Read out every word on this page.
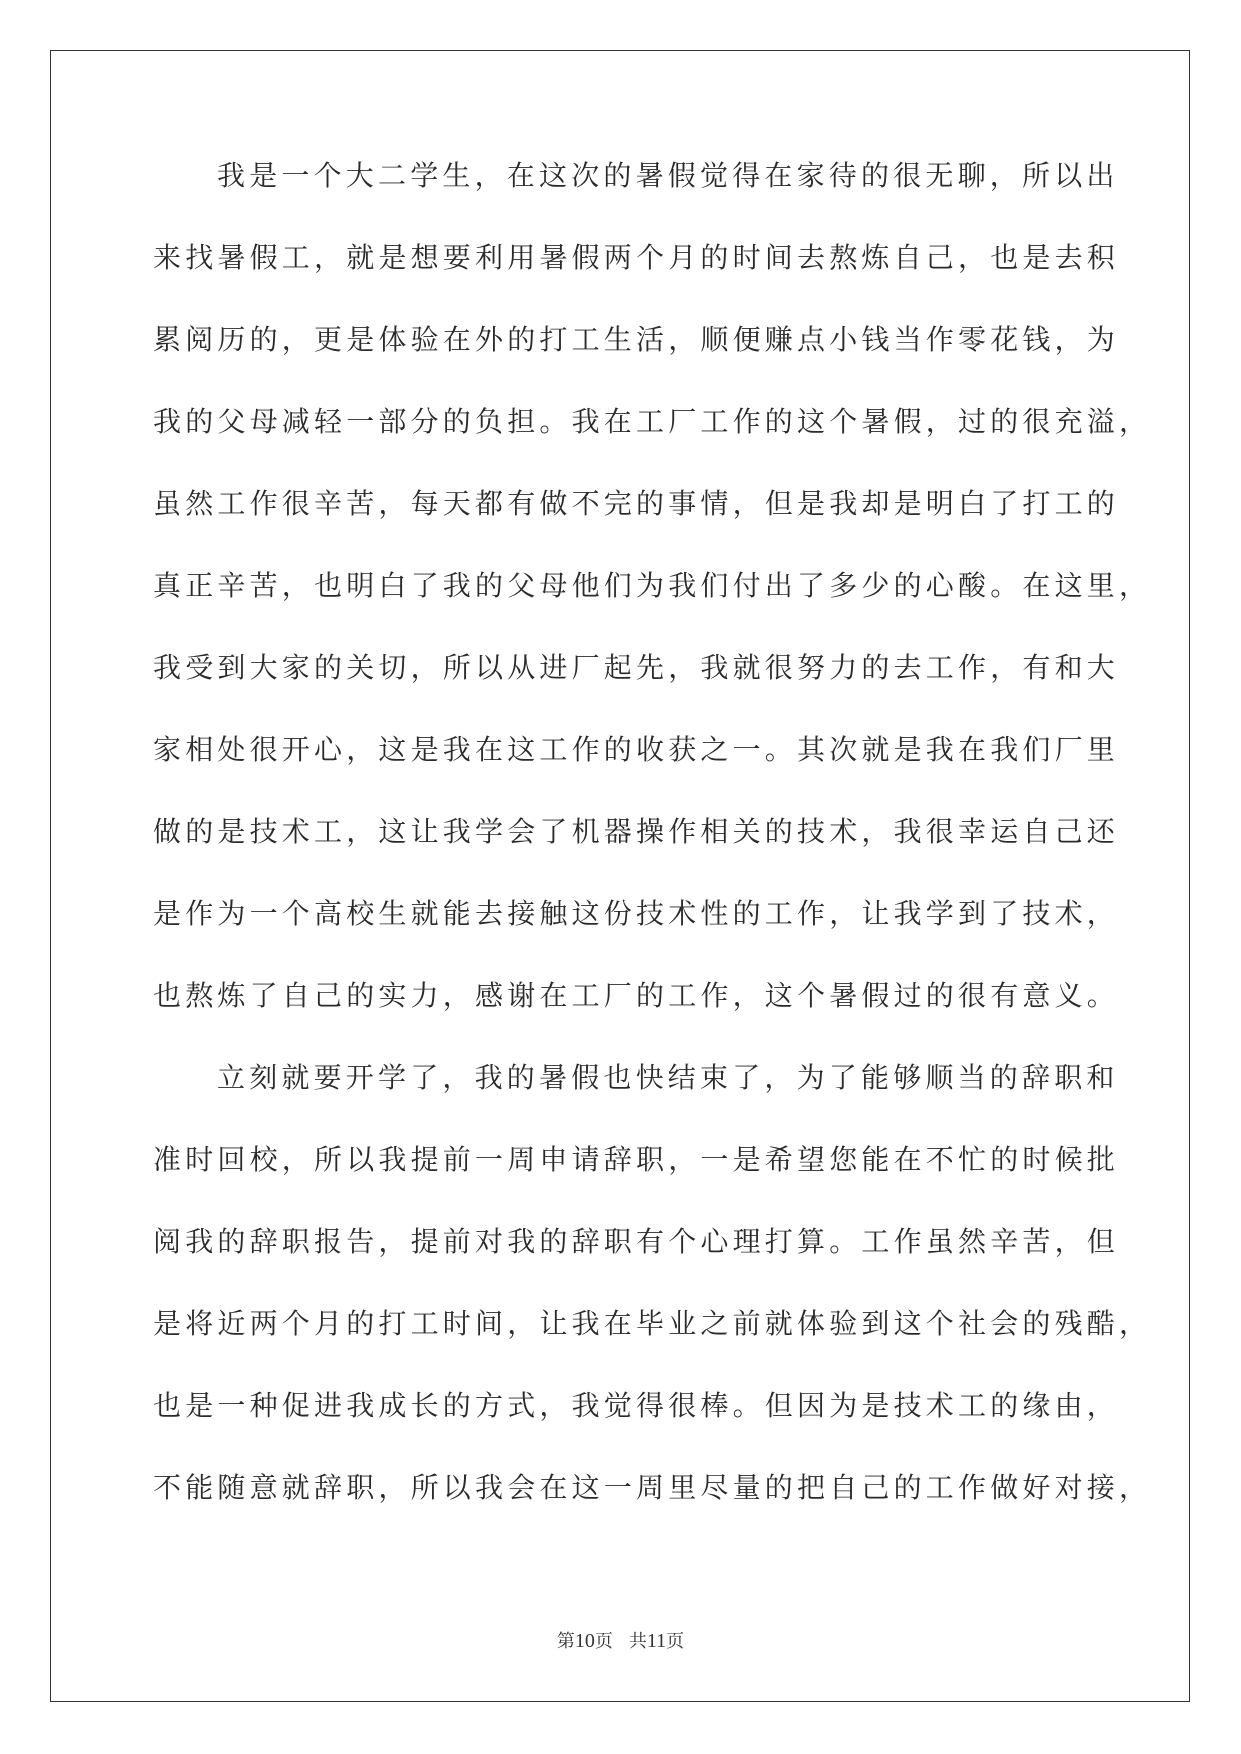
我是一个大二学生，在这次的暑假觉得在家待的很无聊，所以出
来找暑假工，就是想要利用暑假两个月的时间去熬炼自己，也是去积
累阅历的，更是体验在外的打工生活，顺便赚点小钱当作零花钱，为
我的父母减轻一部分的负担。我在工厂工作的这个暑假，过的很充溢，
虽然工作很辛苦，每天都有做不完的事情，但是我却是明白了打工的
真正辛苦，也明白了我的父母他们为我们付出了多少的心酸。在这里，
我受到大家的关切，所以从进厂起先，我就很努力的去工作，有和大
家相处很开心，这是我在这工作的收获之一。其次就是我在我们厂里
做的是技术工，这让我学会了机器操作相关的技术，我很幸运自己还
是作为一个高校生就能去接触这份技术性的工作，让我学到了技术，
也熬炼了自己的实力，感谢在工厂的工作，这个暑假过的很有意义。
立刻就要开学了，我的暑假也快结束了，为了能够顺当的辞职和
准时回校，所以我提前一周申请辞职，一是希望您能在不忙的时候批
阅我的辞职报告，提前对我的辞职有个心理打算。工作虽然辛苦，但
是将近两个月的打工时间，让我在毕业之前就体验到这个社会的残酷，
也是一种促进我成长的方式，我觉得很棒。但因为是技术工的缘由，
不能随意就辞职，所以我会在这一周里尽量的把自己的工作做好对接，
第10页 共11页
